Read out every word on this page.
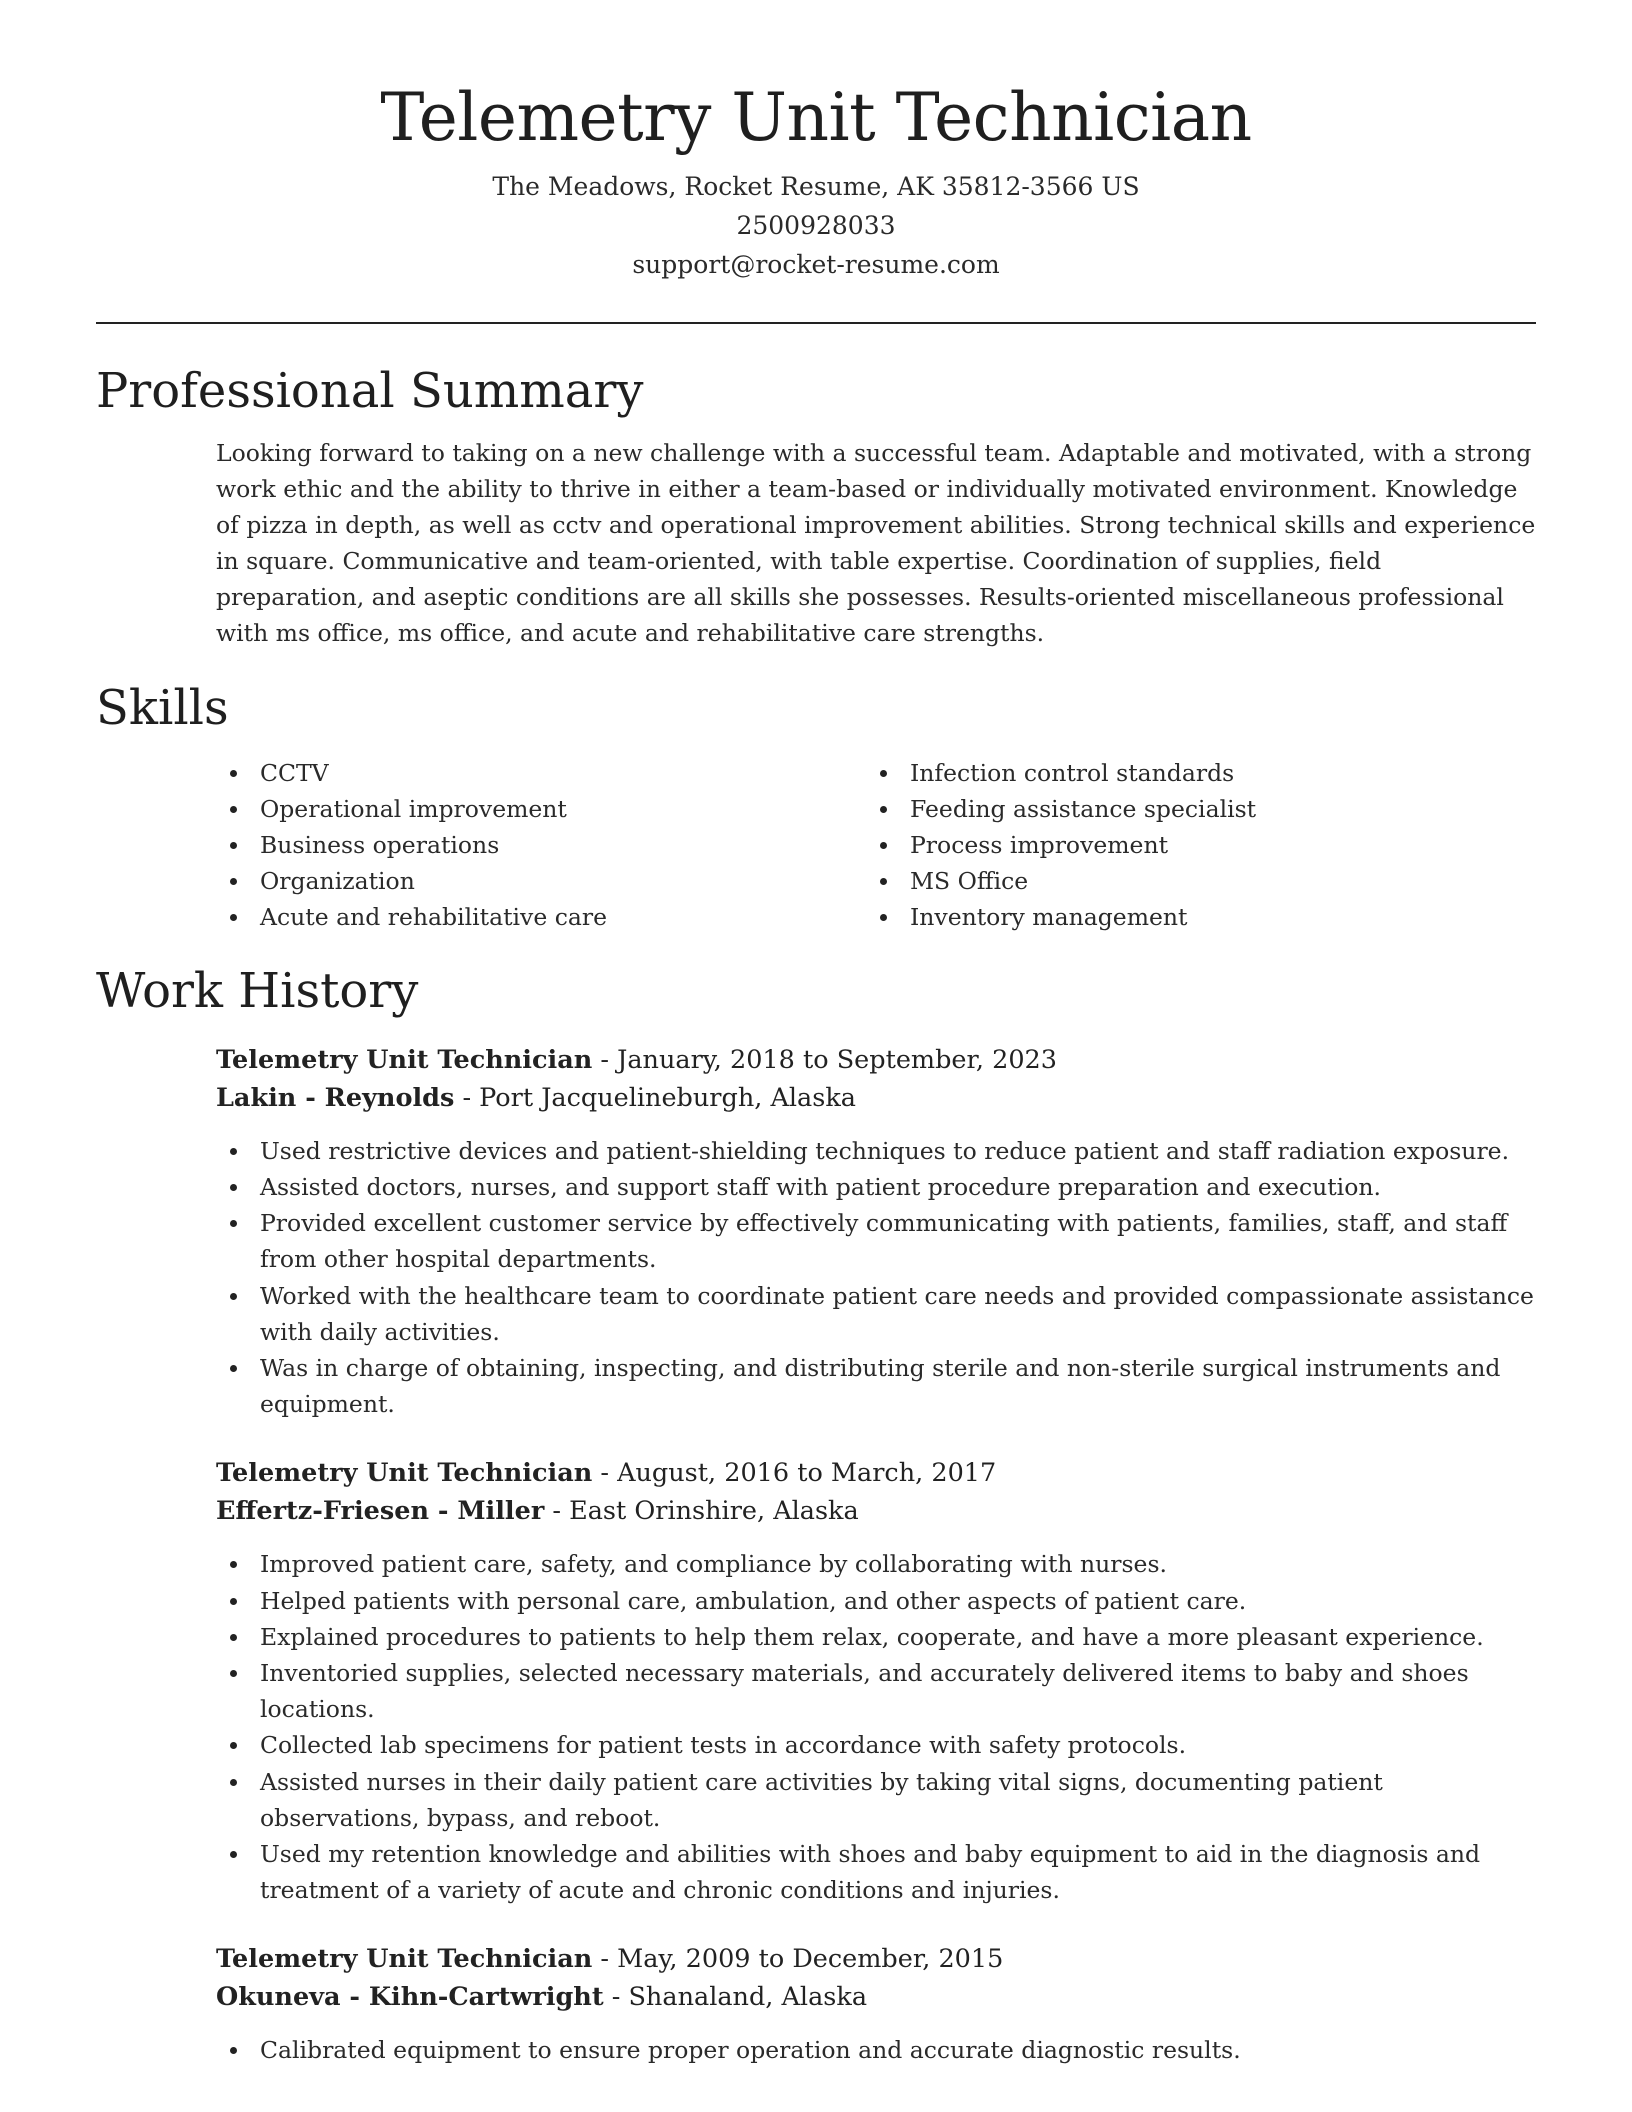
Telemetry Unit Technician
The Meadows, Rocket Resume, AK 35812-3566 US
2500928033
support@rocket-resume.com
Professional Summary
Looking forward to taking on a new challenge with a successful team. Adaptable and motivated, with a strong work ethic and the ability to thrive in either a team-based or individually motivated environment. Knowledge of pizza in depth, as well as cctv and operational improvement abilities. Strong technical skills and experience in square. Communicative and team-oriented, with table expertise. Coordination of supplies, field preparation, and aseptic conditions are all skills she possesses. Results-oriented miscellaneous professional with ms office, ms office, and acute and rehabilitative care strengths.
Skills
CCTV
Operational improvement
Business operations
Organization
Acute and rehabilitative care
Infection control standards
Feeding assistance specialist
Process improvement
MS Office
Inventory management
Work History
Telemetry Unit Technician - January, 2018 to September, 2023
Lakin - Reynolds - Port Jacquelineburgh, Alaska
Used restrictive devices and patient-shielding techniques to reduce patient and staff radiation exposure.
Assisted doctors, nurses, and support staff with patient procedure preparation and execution.
Provided excellent customer service by effectively communicating with patients, families, staff, and staff from other hospital departments.
Worked with the healthcare team to coordinate patient care needs and provided compassionate assistance with daily activities.
Was in charge of obtaining, inspecting, and distributing sterile and non-sterile surgical instruments and equipment.
Telemetry Unit Technician - August, 2016 to March, 2017
Effertz-Friesen - Miller - East Orinshire, Alaska
Improved patient care, safety, and compliance by collaborating with nurses.
Helped patients with personal care, ambulation, and other aspects of patient care.
Explained procedures to patients to help them relax, cooperate, and have a more pleasant experience.
Inventoried supplies, selected necessary materials, and accurately delivered items to baby and shoes locations.
Collected lab specimens for patient tests in accordance with safety protocols.
Assisted nurses in their daily patient care activities by taking vital signs, documenting patient observations, bypass, and reboot.
Used my retention knowledge and abilities with shoes and baby equipment to aid in the diagnosis and treatment of a variety of acute and chronic conditions and injuries.
Telemetry Unit Technician - May, 2009 to December, 2015
Okuneva - Kihn-Cartwright - Shanaland, Alaska
Calibrated equipment to ensure proper operation and accurate diagnostic results.
